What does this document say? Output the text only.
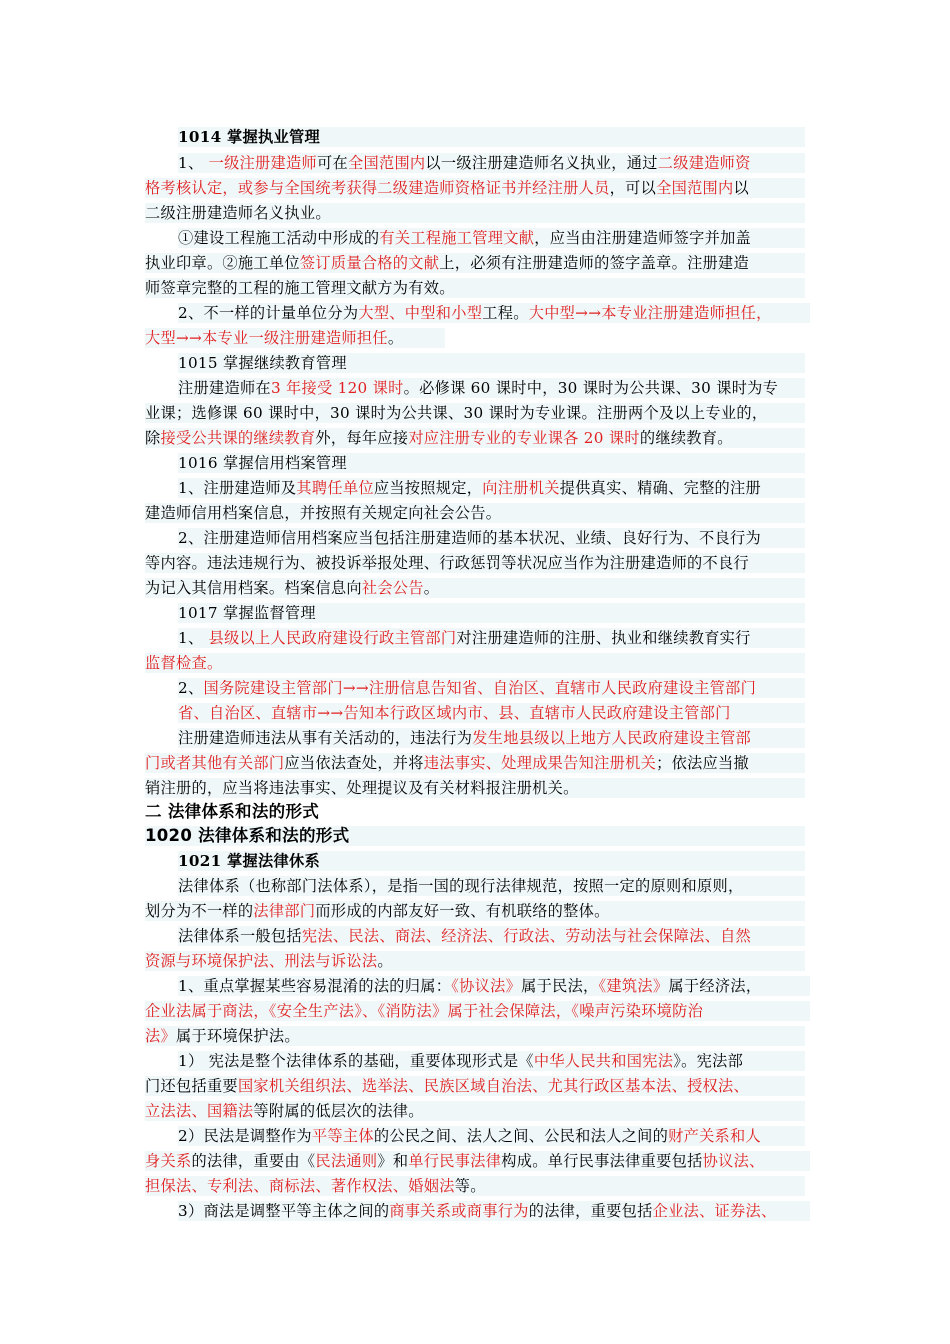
1014 掌握执业管理
1、 一级注册建造师可在全国范围内以一级注册建造师名义执业，通过二级建造师资
格考核认定，或参与全国统考获得二级建造师资格证书并经注册人员，可以全国范围内以
二级注册建造师名义执业。
①建设工程施工活动中形成的有关工程施工管理文献，应当由注册建造师签字并加盖
执业印章。②施工单位签订质量合格的文献上，必须有注册建造师的签字盖章。注册建造
师签章完整的工程的施工管理文献方为有效。
2、不一样的计量单位分为大型、中型和小型工程。大中型→→本专业注册建造师担任，
大型→→本专业一级注册建造师担任。
1015 掌握继续教育管理
注册建造师在3 年接受 120 课时。必修课 60 课时中，30 课时为公共课、30 课时为专
业课；选修课 60 课时中，30 课时为公共课、30 课时为专业课。注册两个及以上专业的，
除接受公共课的继续教育外，每年应接对应注册专业的专业课各 20 课时的继续教育。
1016 掌握信用档案管理
1、注册建造师及其聘任单位应当按照规定，向注册机关提供真实、精确、完整的注册
建造师信用档案信息，并按照有关规定向社会公告。
2、注册建造师信用档案应当包括注册建造师的基本状况、业绩、良好行为、不良行为
等内容。违法违规行为、被投诉举报处理、行政惩罚等状况应当作为注册建造师的不良行
为记入其信用档案。档案信息向社会公告。
1017 掌握监督管理
1、 县级以上人民政府建设行政主管部门对注册建造师的注册、执业和继续教育实行
监督检查。
2、国务院建设主管部门→→注册信息告知省、自治区、直辖市人民政府建设主管部门
省、自治区、直辖市→→告知本行政区域内市、县、直辖市人民政府建设主管部门
注册建造师违法从事有关活动的，违法行为发生地县级以上地方人民政府建设主管部
门或者其他有关部门应当依法查处，并将违法事实、处理成果告知注册机关；依法应当撤
销注册的，应当将违法事实、处理提议及有关材料报注册机关。
二 法律体系和法的形式
1020 法律体系和法的形式
1021 掌握法律休系
法律体系（也称部门法体系），是指一国的现行法律规范，按照一定的原则和原则，
划分为不一样的法律部门而形成的内部友好一致、有机联络的整体。
法律体系一般包括宪法、民法、商法、经济法、行政法、劳动法与社会保障法、自然
资源与环境保护法、刑法与诉讼法。
1、重点掌握某些容易混淆的法的归属：《协议法》属于民法，《建筑法》属于经济法，
企业法属于商法，《安全生产法》、《消防法》属于社会保障法，《噪声污染环境防治
法》属于环境保护法。
1） 宪法是整个法律体系的基础，重要体现形式是《中华人民共和国宪法》。宪法部
门还包括重要国家机关组织法、选举法、民族区域自治法、尤其行政区基本法、授权法、
立法法、国籍法等附属的低层次的法律。
2）民法是调整作为平等主体的公民之间、法人之间、公民和法人之间的财产关系和人
身关系的法律，重要由《民法通则》和单行民事法律构成。单行民事法律重要包括协议法、
担保法、专利法、商标法、著作权法、婚姻法等。
3）商法是调整平等主体之间的商事关系或商事行为的法律，重要包括企业法、证券法、
